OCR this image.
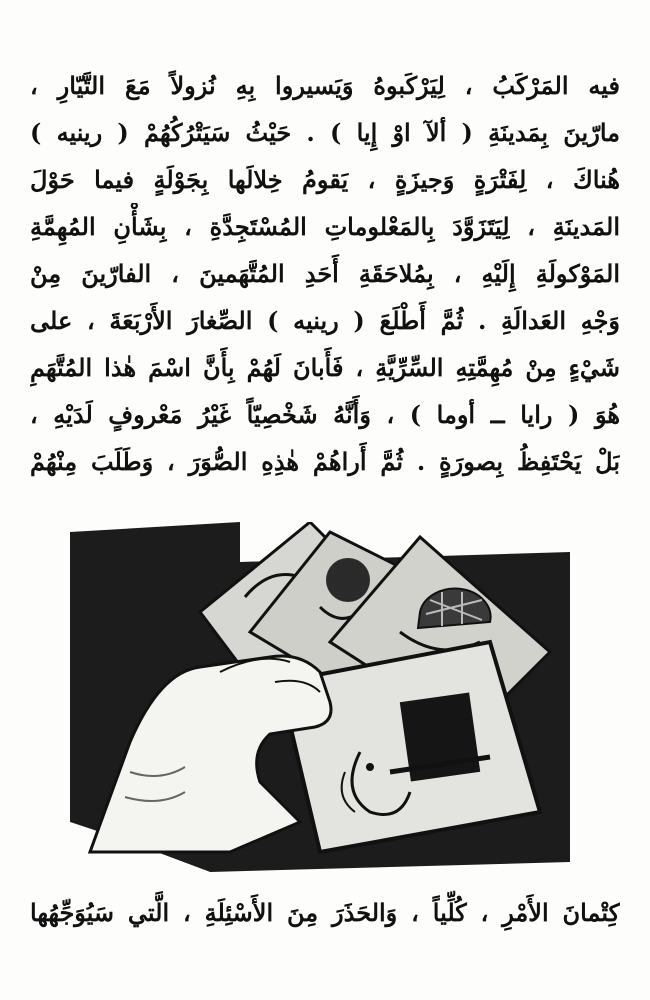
فيه المَرْكَبُ ، لِيَرْكَبوهُ وَيَسيروا بِهِ نُزولاً مَعَ التَّيّارِ ،
مارّينَ بِمَدينَةِ ( ألآ اوْ إِيا ) . حَيْثُ سَيَتْرُكُهُمْ ( رينيه )
هُناكَ ، لِفَتْرَةٍ وَجيزَةٍ ، يَقومُ خِلالَها بِجَوْلَةٍ فيما حَوْلَ
المَدينَةِ ، لِيَتَزَوَّدَ بِالمَعْلوماتِ المُسْتَجِدَّةِ ، بِشَأْنِ المُهِمَّةِ
المَوْكولَةِ إِلَيْهِ ، بِمُلاحَقَةِ أَحَدِ المُتَّهَمينَ ، الفارّينَ مِنْ
وَجْهِ العَدالَةِ . ثُمَّ أَطْلَعَ ( رينيه ) الصِّغارَ الأَرْبَعَةَ ، على
شَيْءٍ مِنْ مُهِمَّتِهِ السِّرِّيَّةِ ، فَأَبانَ لَهُمْ بِأَنَّ اسْمَ هٰذا المُتَّهَمِ
هُوَ ( رايا ــ أوما ) ، وَأَنَّهُ شَخْصِيّاً غَيْرُ مَعْروفٍ لَدَيْهِ ،
بَلْ يَحْتَفِظُ بِصورَةٍ . ثُمَّ أَراهُمْ هٰذِهِ الصُّوَرَ ، وَطَلَبَ مِنْهُمْ
كِتْمانَ الأَمْرِ ، كُلِّياً ، وَالحَذَرَ مِنَ الأَسْئِلَةِ ، الَّتي سَيُوَجِّهُها
